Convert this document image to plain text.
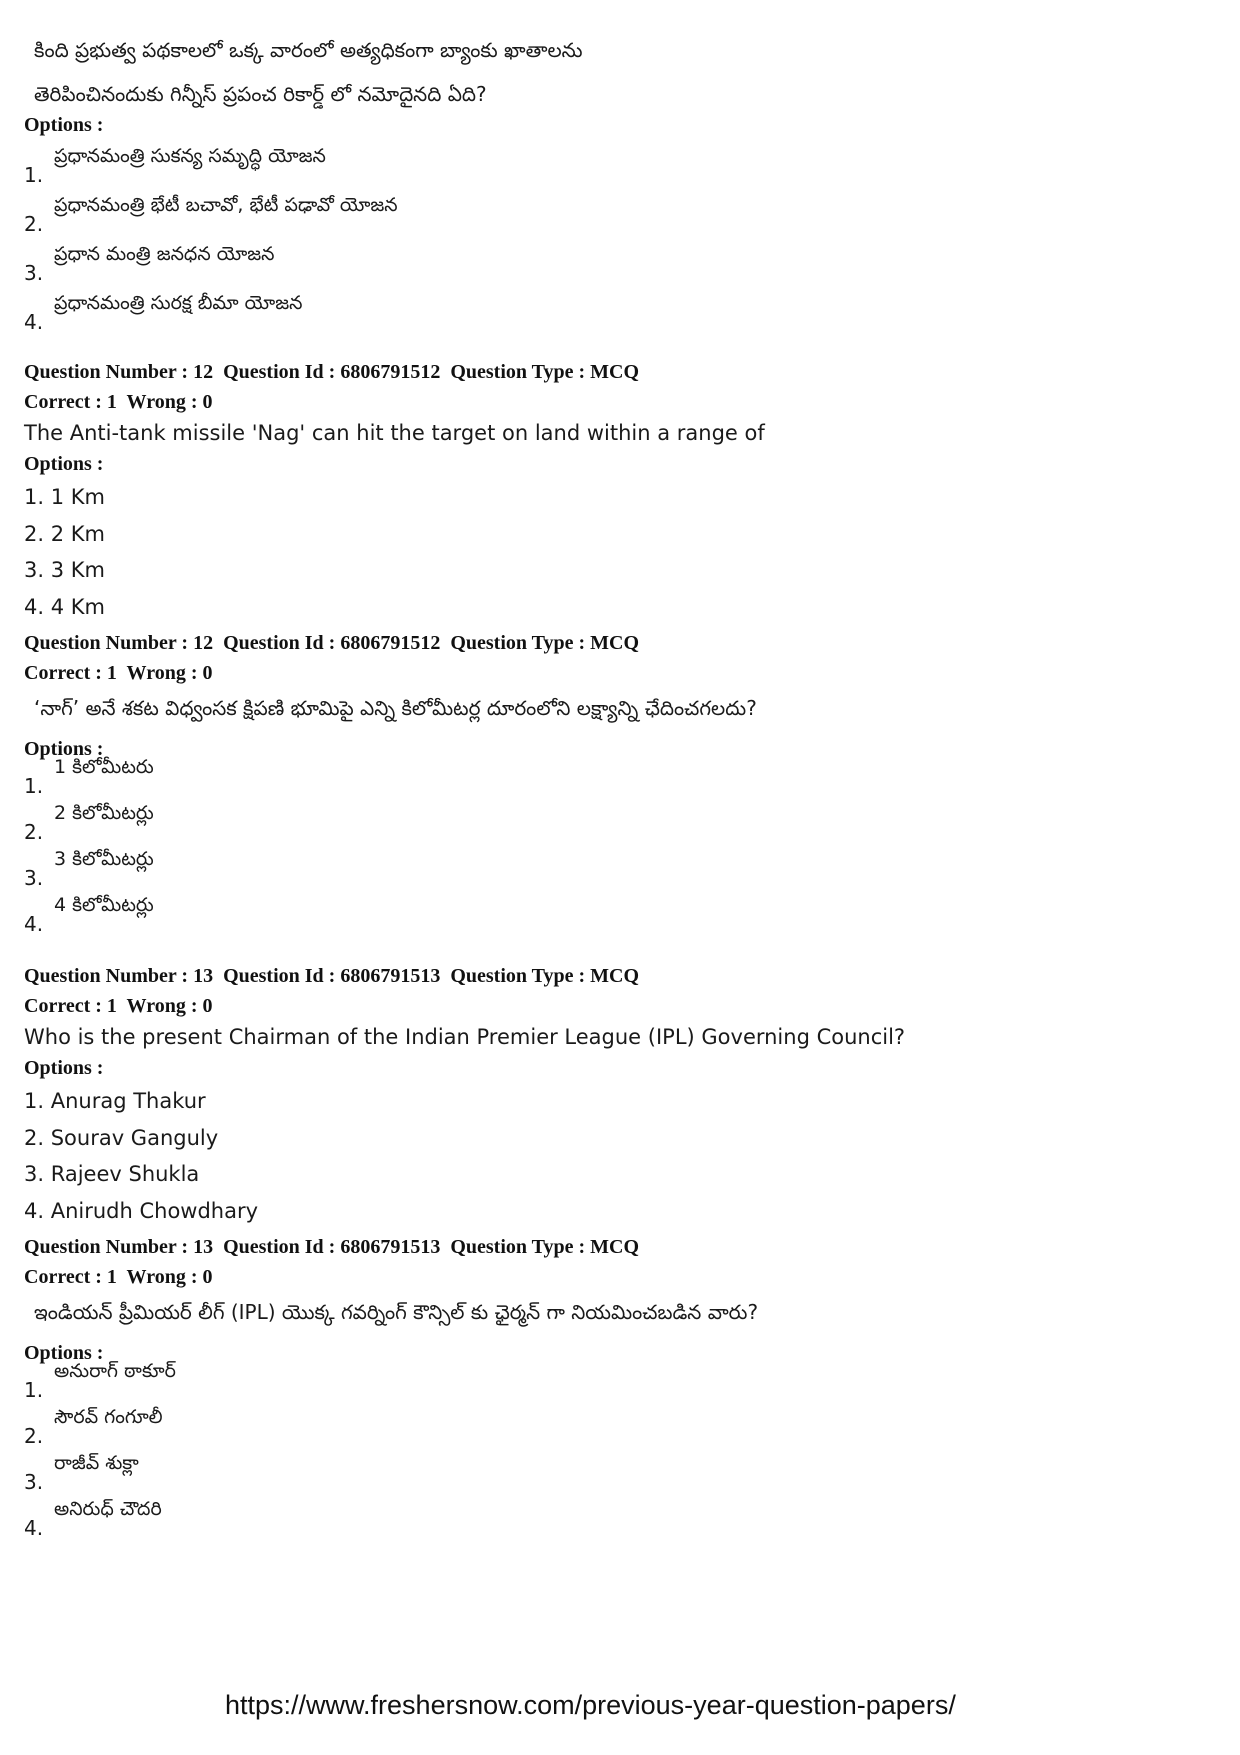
కింది ప్రభుత్వ పథకాలలో ఒక్క వారంలో అత్యధికంగా బ్యాంకు ఖాతాలను
తెరిపించినందుకు గిన్నీస్ ప్రపంచ రికార్డ్ లో నమోదైనది ఏది?
Options :
1.
ప్రధానమంత్రి సుకన్య సమృద్ధి యోజన
2.
ప్రధానమంత్రి భేటీ బచావో, భేటీ పఢావో యోజన
3.
ప్రధాన మంత్రి జనధన యోజన
4.
ప్రధానమంత్రి సురక్ష బీమా యోజన
Question Number : 12  Question Id : 6806791512  Question Type : MCQ
Correct : 1  Wrong : 0
The Anti-tank missile 'Nag' can hit the target on land within a range of
Options :
1. 1 Km
2. 2 Km
3. 3 Km
4. 4 Km
Question Number : 12  Question Id : 6806791512  Question Type : MCQ
Correct : 1  Wrong : 0
‘నాగ్’ అనే శకట విధ్వంసక క్షిపణి భూమిపై ఎన్ని కిలోమీటర్ల దూరంలోని లక్ష్యాన్ని ఛేదించగలదు?
Options :
1.
1 కిలోమీటరు
2.
2 కిలోమీటర్లు
3.
3 కిలోమీటర్లు
4.
4 కిలోమీటర్లు
Question Number : 13  Question Id : 6806791513  Question Type : MCQ
Correct : 1  Wrong : 0
Who is the present Chairman of the Indian Premier League (IPL) Governing Council?
Options :
1. Anurag Thakur
2. Sourav Ganguly
3. Rajeev Shukla
4. Anirudh Chowdhary
Question Number : 13  Question Id : 6806791513  Question Type : MCQ
Correct : 1  Wrong : 0
ఇండియన్ ప్రీమియర్ లీగ్ (IPL) యొక్క గవర్నింగ్ కౌన్సిల్ కు ఛైర్మన్ గా నియమించబడిన వారు?
Options :
1.
అనురాగ్ ఠాకూర్
2.
సౌరవ్ గంగూలీ
3.
రాజీవ్ శుక్లా
4.
అనిరుధ్ చౌదరి
https://www.freshersnow.com/previous-year-question-papers/
